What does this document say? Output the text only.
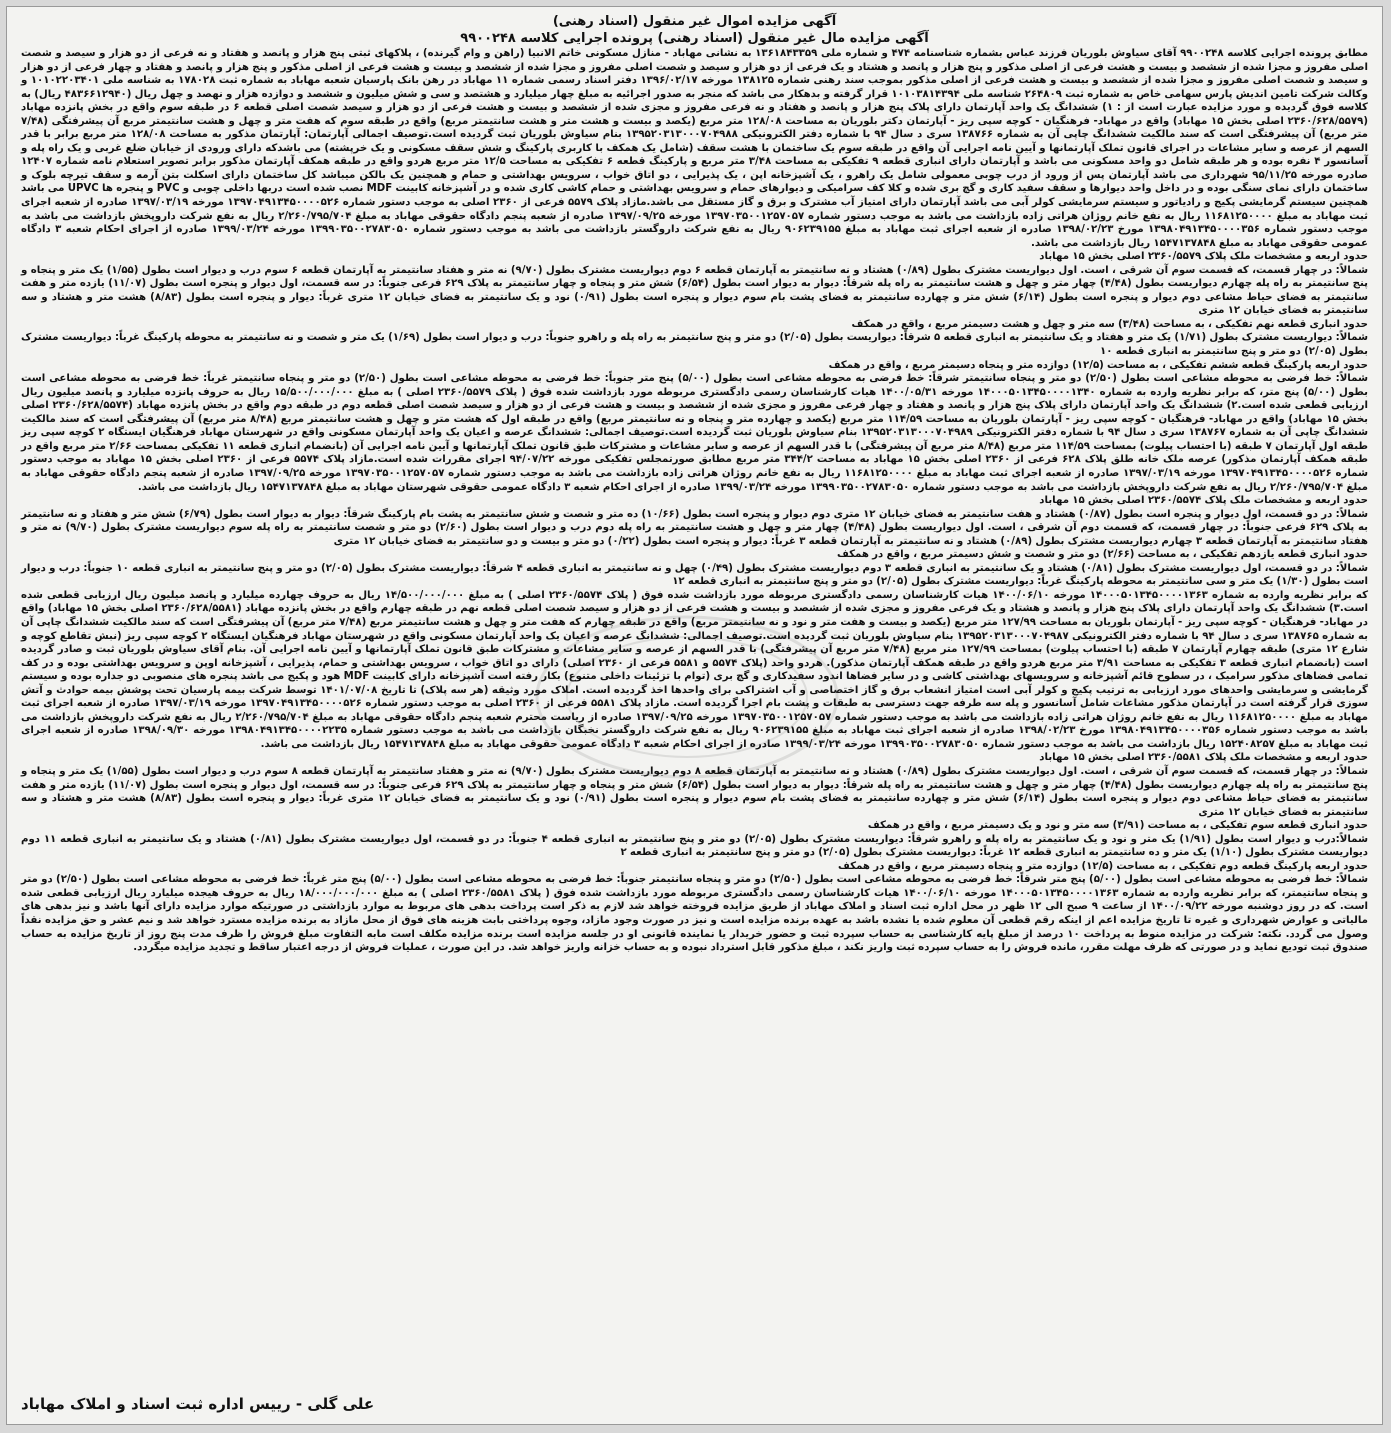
آگهی مزایده اموال غیر منقول (اسناد رهنی)
آگهی مزایده مال غیر منقول (اسناد رهنی) پرونده اجرایی کلاسه ۹۹۰۰۲۴۸

مطابق پرونده اجرایی کلاسه ۹۹۰۰۲۴۸ آقای سیاوش بلوریان فرزند عباس بشماره شناسنامه ۴۷۴ و شماره ملی ۱۳۶۱۸۴۳۳۵۹ به نشانی مهاباد - منازل مسکونی خاتم الانبیا (راهن و وام گیرنده) ، پلاکهای ثبتی پنج هزار و پانصد و هفتاد و نه فرعی از دو هزار و سیصد و شصت اصلی مفروز و مجزا شده از ششصد و بیست و هشت فرعی از اصلی مذکور و پنج هزار و پانصد و هشتاد و یک فرعی از دو هزار و سیصد و شصت اصلی مفروز و مجزا شده از ششصد و بیست و هشت فرعی از اصلی مذکور و پنج هزار و پانصد و هفتاد و چهار فرعی از دو هزار و سیصد و شصت اصلی مفروز و مجزا شده از ششصد و بیست و هشت فرعی از اصلی مذکور بموجب سند رهنی شماره ۱۳۸۱۲۵ مورخه ۱۳۹۶/۰۲/۱۷ دفتر اسناد رسمی شماره ۱۱ مهاباد در رهن بانک پارسیان شعبه مهاباد به شماره ثبت ۱۷۸۰۲۸ به شناسه ملی ۱۰۱۰۲۲۰۳۴۰۱ و وکالت شرکت تامین اندیش پارس سهامی خاص به شماره ثبت ۲۶۴۸۰۹ شناسه ملی ۱۰۱۰۳۸۱۴۳۹۴ قرار گرفته و بدهکار می باشد که منجر به صدور اجرائیه به مبلغ چهار میلیارد و هشتصد و سی و شش میلیون و ششصد و دوازده هزار و نهصد و چهل ریال (۴۸۳۶۶۱۲۹۴۰ ریال) به کلاسه فوق گردیده و مورد مزایده عبارت است از : ۱) ششدانگ یک واحد آپارتمان دارای پلاک پنج هزار و پانصد و هفتاد و نه فرعی مفروز و مجزی شده از ششصد و بیست و هشت فرعی از دو هزار و سیصد شصت اصلی قطعه ۶ در طبقه سوم واقع در بخش پانزده مهاباد (۲۳۶۰/۶۲۸/۵۵۷۹ اصلی بخش ۱۵ مهاباد) واقع در مهاباد- فرهنگیان - کوچه سپی ریز - آپارتمان دکتر بلوریان به مساحت ۱۲۸/۰۸ متر مربع (یکصد و بیست و هشت متر و هشت سانتیمتر مربع) واقع در طبقه سوم که هفت متر و چهل و هشت سانتیمتر مربع آن پیشرفتگی (۷/۴۸ متر مربع) آن پیشرفتگی است که سند مالکیت ششدانگ چاپی آن به شماره ۱۳۸۷۶۶ سری د سال ۹۴ با شماره دفتر الکترونیکی ۱۳۹۵۲۰۳۱۳۰۰۰۷۰۴۹۸۸ بنام سیاوش بلوریان ثبت گردیده است.توصیف اجمالی آپارتمان: آپارتمان مذکور به مساحت ۱۲۸/۰۸ متر مربع برابر با قدر السهم از عرصه و سایر مشاعات در اجرای قانون تملک آپارتمانها و آیین نامه اجرایی آن واقع در طبقه سوم یک ساختمان با هشت سقف (شامل یک همکف با کاربری پارکینگ و شش سقف مسکونی و یک خرپشته) می باشدکه دارای ورودی از خیابان ضلع غربی و یک راه پله و آسانسور ۴ نفره بوده و هر طبقه شامل دو واحد مسکونی می باشد و آپارتمان دارای انباری قطعه ۹ تفکیکی به مساحت ۳/۴۸ متر مربع و پارکینگ قطعه ۶ تفکیکی به مساحت ۱۲/۵ متر مربع هردو واقع در طبقه همکف آپارتمان مذکور برابر تصویر استعلام نامه شماره ۱۲۴۰۷ صادره مورخه ۹۵/۱۱/۲۵ شهرداری می باشد آپارتمان پس از ورود از درب چوبی معمولی شامل یک راهرو ، یک آشپزخانه اپن ، یک پذیرایی ، دو اتاق خواب ، سرویس بهداشتی و حمام و همچنین یک بالکن میباشد کل ساختمان دارای اسکلت بتن آرمه و سقف تیرچه بلوک و ساختمان دارای نمای سنگی بوده و در داخل واحد دیوارها و سقف سفید کاری و گچ بری شده و کلا کف سرامیکی و دیوارهای حمام و سرویس بهداشتی و حمام کاشی کاری شده و در آشپزخانه کابینت MDF نصب شده است دربها داخلی چوبی و PVC و پنجره ها UPVC می باشد همچنین سیستم گرمایشی پکیج و رادیاتور و سیستم سرمایشی کولر آبی می باشد آپارتمان دارای امتیاز آب مشترک و برق و گاز مستقل می باشد.مازاد پلاک ۵۵۷۹ فرعی از ۲۳۶۰ اصلی به موجب دستور شماره ۱۳۹۷۰۴۹۱۳۴۵۰۰۰۰۵۲۶ مورخه ۱۳۹۷/۰۳/۱۹ صادره از شعبه اجرای ثبت مهاباد به مبلغ ۱۱۶۸۱۲۵۰۰۰۰ ریال به نفع خانم روژان هراتی زاده بازداشت می باشد به موجب دستور شماره ۱۳۹۷۰۳۵۰۰۱۲۵۷۰۵۷ مورخه ۱۳۹۷/۰۹/۲۵ صادره از شعبه پنجم دادگاه حقوقی مهاباد به مبلغ ۲/۲۶۰/۷۹۵/۷۰۴ ریال به نفع شرکت داروپخش بازداشت می باشد به موجب دستور شماره ۱۳۹۸۰۴۹۱۳۴۵۰۰۰۰۳۵۶ مورخ ۱۳۹۸/۰۲/۲۳ صادره از شعبه اجرای ثبت مهاباد به مبلغ ۹۰۶۲۳۹۱۵۵ ریال به نفع شرکت داروگستر بازداشت می باشد به موجب دستور شماره ۱۳۹۹۰۳۵۰۰۲۷۸۳۰۵۰ مورخه ۱۳۹۹/۰۳/۲۴ صادره از اجرای احکام شعبه ۳ دادگاه عمومی حقوقی مهاباد به مبلغ ۱۵۴۷۱۳۷۸۴۸ ریال بازداشت می باشد.

حدود اربعه و مشخصات ملک پلاک ۲۳۶۰/۵۵۷۹ اصلی بخش ۱۵ مهاباد

شمالاً: در چهار قسمت، که قسمت سوم آن شرقی ، است. اول دیواریست مشترک بطول (۰/۸۹) هشتاد و نه سانتیمتر به آپارتمان قطعه ۶ دوم دیواریست مشترک بطول (۹/۷۰) نه متر و هفتاد سانتیمتر به آپارتمان قطعه ۶ سوم درب و دیوار است بطول (۱/۵۵) یک متر و پنجاه و پنج سانتیمتر به راه پله چهارم دیواریست بطول (۴/۴۸) چهار متر و چهل و هشت سانتیمتر به راه پله شرقاً: دیوار به دیوار است بطول (۶/۵۴) شش متر و پنجاه و چهار سانتیمتر به پلاک ۶۲۹ فرعی جنوباً: در سه قسمت، اول دیوار و پنجره است بطول (۱۱/۰۷) یازده متر و هفت سانتیمتر به فضای حیاط مشاعی دوم دیوار و پنجره است بطول (۶/۱۴) شش متر و چهارده سانتیمتر به فضای پشت بام سوم دیوار و پنجره است بطول (۰/۹۱) نود و یک سانتیمتر به فضای خیابان ۱۲ متری غرباً: دیوار و پنجره است بطول (۸/۸۳) هشت متر و هشتاد و سه سانتیمتر به فضای خیابان ۱۲ متری

حدود انباری قطعه نهم تفکیکی ، به مساحت (۳/۴۸) سه متر و چهل و هشت دسیمتر مربع ، واقع در همکف

شمالاً: دیواریست مشترک بطول (۱/۷۱) یک متر و هفتاد و یک سانتیمتر به انباری قطعه ۵ شرقاً: دیواریست بطول (۲/۰۵) دو متر و پنج سانتیمتر به راه پله و راهرو جنوباً: درب و دیوار است بطول (۱/۶۹) یک متر و شصت و نه سانتیمتر به محوطه پارکینگ غرباً: دیواریست مشترک بطول (۲/۰۵) دو متر و پنج سانتیمتر به انباری قطعه ۱۰

حدود اربعه پارکینگ قطعه ششم تفکیکی ، به مساحت (۱۲/۵) دوازده متر و پنجاه دسیمتر مربع ، واقع در همکف

شمالاً: خط فرضی به محوطه مشاعی است بطول (۲/۵۰) دو متر و پنجاه سانتیمتر شرقاً: خط فرضی به محوطه مشاعی است بطول (۵/۰۰) پنج متر جنوباً: خط فرضی به محوطه مشاعی است بطول (۲/۵۰) دو متر و پنجاه سانتیمتر غرباً: خط فرضی به محوطه مشاعی است بطول (۵/۰۰) پنج متر، که برابر نظریه وارده به شماره ۱۴۰۰۰۵۰۱۳۴۵۰۰۰۰۱۳۴۰ مورخه ۱۴۰۰/۰۵/۳۱ هیات کارشناسان رسمی دادگستری مربوطه مورد بازداشت شده فوق ( پلاک ۲۳۶۰/۵۵۷۹ اصلی ) به مبلغ ۱۵/۵۰۰/۰۰۰/۰۰۰ ریال به حروف پانزده میلیارد و پانصد میلیون ریال ارزیابی قطعی شده است.۲) ششدانگ یک واحد آپارتمان دارای پلاک پنج هزار و پانصد و هفتاد و چهار فرعی مفروز و مجزی شده از ششصد و بیست و هشت فرعی از دو هزار و سیصد شصت اصلی قطعه دوم در طبقه دوم واقع در بخش پانزده مهاباد (۲۳۶۰/۶۲۸/۵۵۷۴ اصلی بخش ۱۵ مهاباد) واقع در مهاباد- فرهنگیان - کوچه سپی ریز - آپارتمان بلوریان به مساحت ۱۱۴/۵۹ متر مربع (یکصد و چهارده متر و پنجاه و نه سانتیمتر مربع) واقع در طبقه اول که هشت متر و چهل و هشت سانتیمتر مربع (۸/۴۸ متر مربع) آن پیشرفتگی است که سند مالکیت ششدانگ چاپی آن به شماره ۱۳۸۷۶۷ سری د سال ۹۴ با شماره دفتر الکترونیکی ۱۳۹۵۲۰۳۱۳۰۰۰۷۰۴۹۸۹ بنام سیاوش بلوریان ثبت گردیده است.توصیف اجمالی: ششدانگ عرصه و اعیان یک واحد آپارتمان مسکونی واقع در شهرستان مهاباد فرهنگیان ایستگاه ۲ کوچه سپی ریز طبقه اول آپارتمان ۷ طبقه (با احتساب پیلوت) بمساحت ۱۱۴/۵۹ متر مربع (۸/۴۸ متر مربع آن پیشرفتگی) با قدر السهم از عرصه و سایر مشاعات و مشترکات طبق قانون تملک آپارتمانها و آیین نامه اجرایی آن (بانضمام انباری قطعه ۱۱ تفکیکی بمساحت ۲/۶۶ متر مربع واقع در طبقه همکف آپارتمان مذکور) عرصه ملک خانه طلق پلاک ۶۲۸ فرعی از ۲۳۶۰ اصلی بخش ۱۵ مهاباد به مساحت ۳۴۴/۲ متر مربع مطابق صورتمجلس تفکیکی مورخه ۹۴/۰۷/۲۲ اجرای مقررات شده است.مازاد پلاک ۵۵۷۴ فرعی از ۲۳۶۰ اصلی بخش ۱۵ مهاباد به موجب دستور شماره ۱۳۹۷۰۴۹۱۳۴۵۰۰۰۰۵۲۶ مورخه ۱۳۹۷/۰۳/۱۹ صادره از شعبه اجرای ثبت مهاباد به مبلغ ۱۱۶۸۱۲۵۰۰۰۰ ریال به نفع خانم روژان هراتی زاده بازداشت می باشد به موجب دستور شماره ۱۳۹۷۰۳۵۰۰۱۲۵۷۰۵۷ مورخه ۱۳۹۷/۰۹/۲۵ صادره از شعبه پنجم دادگاه حقوقی مهاباد به مبلغ ۲/۲۶۰/۷۹۵/۷۰۴ ریال به نفع شرکت داروپخش بازداشت می باشد به موجب دستور شماره ۱۳۹۹۰۳۵۰۰۲۷۸۳۰۵۰ مورخه ۱۳۹۹/۰۳/۲۴ صادره از اجرای احکام شعبه ۳ دادگاه عمومی حقوقی شهرستان مهاباد به مبلغ ۱۵۴۷۱۳۷۸۴۸ ریال بازداشت می باشد.

حدود اربعه و مشخصات ملک پلاک ۲۳۶۰/۵۵۷۴ اصلی بخش ۱۵ مهاباد

شمالاً: در دو قسمت، اول دیوار و پنجره است بطول (۰/۸۷) هشتاد و هفت سانتیمتر به فضای خیابان ۱۲ متری دوم دیوار و پنجره است بطول (۱۰/۶۶) ده متر و شصت و شش سانتیمتر به پشت بام پارکینگ شرقاً: دیوار به دیوار است بطول (۶/۷۹) شش متر و هفتاد و نه سانتیمتر به پلاک ۶۲۹ فرعی جنوباً: در چهار قسمت، که قسمت دوم آن شرقی ، است. اول دیواریست بطول (۴/۴۸) چهار متر و چهل و هشت سانتیمتر به راه پله دوم درب و دیوار است بطول (۲/۶۰) دو متر و شصت سانتیمتر به راه پله سوم دیواریست مشترک بطول (۹/۷۰) نه متر و هفتاد سانتیمتر به آپارتمان قطعه ۳ چهارم دیواریست مشترک بطول (۰/۸۹) هشتاد و نه سانتیمتر به آپارتمان قطعه ۳ غرباً: دیوار و پنجره است بطول (۰/۲۲) دو متر و بیست و دو سانتیمتر به فضای خیابان ۱۲ متری

حدود انباری قطعه یازدهم تفکیکی ، به مساحت (۲/۶۶) دو متر و شصت و شش دسیمتر مربع ، واقع در همکف

شمالاً: در دو قسمت، اول دیواریست مشترک بطول (۰/۸۱) هشتاد و یک سانتیمتر به انباری قطعه ۳ دوم دیواریست مشترک بطول (۰/۴۹) چهل و نه سانتیمتر به انباری قطعه ۴ شرقاً: دیواریست مشترک بطول (۲/۰۵) دو متر و پنج سانتیمتر به انباری قطعه ۱۰ جنوباً: درب و دیوار است بطول (۱/۳۰) یک متر و سی سانتیمتر به محوطه پارکینگ غرباً: دیواریست مشترک بطول (۲/۰۵) دو متر و پنج سانتیمتر به انباری قطعه ۱۲

که برابر نظریه وارده به شماره ۱۴۰۰۰۵۰۱۳۴۵۰۰۰۰۱۳۶۳ مورخه ۱۴۰۰/۰۶/۱۰ هیات کارشناسان رسمی دادگستری مربوطه مورد بازداشت شده فوق ( پلاک ۲۳۶۰/۵۵۷۴ اصلی ) به مبلغ ۱۴/۵۰۰/۰۰۰/۰۰۰ ریال به حروف چهارده میلیارد و پانصد میلیون ریال ارزیابی قطعی شده است.۳) ششدانگ یک واحد آپارتمان دارای پلاک پنج هزار و پانصد و هشتاد و یک فرعی مفروز و مجزی شده از ششصد و بیست و هشت فرعی از دو هزار و سیصد شصت اصلی قطعه نهم در طبقه چهارم واقع در بخش پانزده مهاباد (۲۳۶۰/۶۲۸/۵۵۸۱ اصلی بخش ۱۵ مهاباد) واقع در مهاباد- فرهنگیان - کوچه سپی ریز - آپارتمان بلوریان به مساحت ۱۲۷/۹۹ متر مربع (یکصد و بیست و هفت متر و نود و نه سانتیمتر مربع) واقع در طبقه چهارم که هفت متر و چهل و هشت سانتیمتر مربع (۷/۴۸ متر مربع) آن پیشرفتگی است که سند مالکیت ششدانگ چاپی آن به شماره ۱۳۸۷۶۵ سری د سال ۹۴ با شماره دفتر الکترونیکی ۱۳۹۵۲۰۳۱۳۰۰۰۷۰۴۹۸۷ بنام سیاوش بلوریان ثبت گردیده است.توصیف اجمالی: ششدانگ عرصه و اعیان یک واحد آپارتمان مسکونی واقع در شهرستان مهاباد فرهنگیان ایستگاه ۲ کوچه سپی ریز (نبش تقاطع کوچه و شارع ۱۲ متری) طبقه چهارم آپارتمان ۷ طبقه (با احتساب پیلوت) بمساحت ۱۲۷/۹۹ متر مربع (۷/۴۸ متر مربع آن پیشرفتگی) با قدر السهم از عرصه و سایر مشاعات و مشترکات طبق قانون تملک آپارتمانها و آیین نامه اجرایی آن. بنام آقای سیاوش بلوریان ثبت و صادر گردیده است (بانضمام انباری قطعه ۳ تفکیکی به مساحت ۳/۹۱ متر مربع هردو واقع در طبقه همکف آپارتمان مذکور). هردو واحد (پلاک ۵۵۷۴ و ۵۵۸۱ فرعی از ۲۳۶۰ اصلی) دارای دو اتاق خواب ، سرویس بهداشتی و حمام، پذیرایی ، آشپزخانه اوپن و سرویس بهداشتی بوده و در کف تمامی فضاهای مذکور سرامیک ، در سطوح قائم آشپزخانه و سرویسهای بهداشتی کاشی و در سایر فضاها اندود سفیدکاری و گچ بری (توام با تزئینات داخلی متنوع) بکار رفته است آشپزخانه دارای کابینت MDF هود و پکیج می باشد پنجره های منصوبی دو جداره بوده و سیستم گرمایشی و سرمایشی واحدهای مورد ارزیابی به ترتیب پکیج و کولر آبی است امتیاز انشعاب برق و گاز اختصاصی و آب اشتراکی برای واحدها اخذ گردیده است. املاک مورد وثیقه (هر سه پلاک) تا تاریخ ۱۴۰۱/۰۷/۰۸ توسط شرکت بیمه پارسیان تحت پوشش بیمه حوادث و آتش سوزی قرار گرفته است در آپارتمان مذکور مشاعات شامل آسانسور و پله سه طرفه جهت دسترسی به طبقات و پشت بام اجرا گردیده است. مازاد پلاک ۵۵۸۱ فرعی از ۲۳۶۰ اصلی به موجب دستور شماره ۱۳۹۷۰۴۹۱۳۴۵۰۰۰۰۵۲۶ مورخه ۱۳۹۷/۰۳/۱۹ صادره از شعبه اجرای ثبت مهاباد به مبلغ ۱۱۶۸۱۲۵۰۰۰۰ ریال به نفع خانم روژان هراتی زاده بازداشت می باشد به موجب دستور شماره ۱۳۹۷۰۳۵۰۰۱۲۵۷۰۵۷ مورخه ۱۳۹۷/۰۹/۲۵ صادره از ریاست محترم شعبه پنجم دادگاه حقوقی مهاباد به مبلغ ۲/۲۶۰/۷۹۵/۷۰۴ ریال به نفع شرکت داروپخش بازداشت می باشد به موجب دستور شماره ۱۳۹۸۰۴۹۱۳۴۵۰۰۰۰۳۵۶ مورخ ۱۳۹۸/۰۲/۲۳ صادره از شعبه اجرای ثبت مهاباد به مبلغ ۹۰۶۲۳۹۱۵۵ ریال به نفع شرکت داروگستر نخبگان بازداشت می باشد به موجب دستور شماره ۱۳۹۸۰۴۹۱۳۴۵۰۰۰۰۲۲۳۵ مورخه ۱۳۹۸/۰۹/۳۰ صادره از شعبه اجرای ثبت مهاباد به مبلغ ۱۵۲۴۰۸۲۵۷ ریال بازداشت می باشد به موجب دستور شماره ۱۳۹۹۰۳۵۰۰۲۷۸۳۰۵۰ مورخه ۱۳۹۹/۰۳/۲۴ صادره از اجرای احکام شعبه ۳ دادگاه عمومی حقوقی مهاباد به مبلغ ۱۵۴۷۱۳۷۸۴۸ ریال بازداشت می باشد.

حدود اربعه و مشخصات ملک پلاک ۲۳۶۰/۵۵۸۱ اصلی بخش ۱۵ مهاباد

شمالاً: در چهار قسمت، که قسمت سوم آن شرقی ، است. اول دیواریست مشترک بطول (۰/۸۹) هشتاد و نه سانتیمتر به آپارتمان قطعه ۸ دوم دیواریست مشترک بطول (۹/۷۰) نه متر و هفتاد سانتیمتر به آپارتمان قطعه ۸ سوم درب و دیوار است بطول (۱/۵۵) یک متر و پنجاه و پنج سانتیمتر به راه پله چهارم دیواریست بطول (۴/۴۸) چهار متر و چهل و هشت سانتیمتر به راه پله شرقاً: دیوار به دیوار است بطول (۶/۵۴) شش متر و پنجاه و چهار سانتیمتر به پلاک ۶۲۹ فرعی جنوباً: در سه قسمت، اول دیوار و پنجره است بطول (۱۱/۰۷) یازده متر و هفت سانتیمتر به فضای حیاط مشاعی دوم دیوار و پنجره است بطول (۶/۱۴) شش متر و چهارده سانتیمتر به فضای پشت بام سوم دیوار و پنجره است بطول (۰/۹۱) نود و یک سانتیمتر به فضای خیابان ۱۲ متری غرباً: دیوار و پنجره است بطول (۸/۸۳) هشت متر و هشتاد و سه سانتیمتر به فضای خیابان ۱۲ متری

حدود انباری قطعه سوم تفکیکی ، به مساحت (۳/۹۱) سه متر و نود و یک دسیمتر مربع ، واقع در همکف

شمالاً:درب و دیوار است بطول (۱/۹۱) یک متر و نود و یک سانتیمتر به راه پله و راهرو شرقاً: دیواریست مشترک بطول (۲/۰۵) دو متر و پنج سانتیمتر به انباری قطعه ۴ جنوباً: در دو قسمت، اول دیواریست مشترک بطول (۰/۸۱) هشتاد و یک سانتیمتر به انباری قطعه ۱۱ دوم دیواریست مشترک بطول (۱/۱۰) یک متر و ده سانتیمتر به انباری قطعه ۱۲ غرباً: دیواریست مشترک بطول (۲/۰۵) دو متر و پنج سانتیمتر به انباری قطعه ۲

حدود اربعه پارکینگ قطعه دوم تفکیکی ، به مساحت (۱۲/۵) دوازده متر و پنجاه دسیمتر مربع ، واقع در همکف

شمالاً: خط فرضی به محوطه مشاعی است بطول (۵/۰۰) پنج متر شرقاً: خط فرضی به محوطه مشاعی است بطول (۲/۵۰) دو متر و پنجاه سانتیمتر جنوباً: خط فرضی به محوطه مشاعی است بطول (۵/۰۰) پنج متر غرباً: خط فرضی به محوطه مشاعی است بطول (۲/۵۰) دو متر و پنجاه سانتیمتر، که برابر نظریه وارده به شماره ۱۴۰۰۰۵۰۱۳۴۵۰۰۰۰۱۳۶۳ مورخه ۱۴۰۰/۰۶/۱۰ هیات کارشناسان رسمی دادگستری مربوطه مورد بازداشت شده فوق ( پلاک ۲۳۶۰/۵۵۸۱ اصلی ) به مبلغ ۱۸/۰۰۰/۰۰۰/۰۰۰ ریال به حروف هیجده میلیارد ریال ارزیابی قطعی شده است. که در روز دوشنبه مورخه ۱۴۰۰/۰۹/۲۲ از ساعت ۹ صبح الی ۱۲ ظهر در محل اداره ثبت اسناد و املاک مهاباد از طریق مزایده فروخته خواهد شد لازم به ذکر است پرداخت بدهی های مربوط به موارد بازداشتی در صورتیکه موارد مزایده دارای آنها باشد و نیز بدهی های مالیاتی و عوارض شهرداری و غیره تا تاریخ مزایده اعم از اینکه رقم قطعی آن معلوم شده یا نشده باشد به عهده برنده مزایده است و نیز در صورت وجود مازاد، وجوه پرداختی بابت هزینه های فوق از محل مازاد به برنده مزایده مسترد خواهد شد و نیم عشر و حق مزایده نقداً وصول می گردد. نکته: شرکت در مزایده منوط به پرداخت ۱۰ درصد از مبلغ پایه کارشناسی به حساب سپرده ثبت و حضور خریدار یا نماینده قانونی او در جلسه مزایده است برنده مزایده مکلف است مابه التفاوت مبلغ فروش را ظرف مدت پنج روز از تاریخ مزایده به حساب صندوق ثبت تودیع نماید و در صورتی که ظرف مهلت مقرر، مانده فروش را به حساب سپرده ثبت واریز نکند ، مبلغ مذکور قابل استرداد نبوده و به حساب خزانه واریز خواهد شد. در این صورت ، عملیات فروش از درجه اعتبار ساقط و تجدید مزایده میگردد.

علی گلی - رییس اداره ثبت اسناد و املاک مهاباد
